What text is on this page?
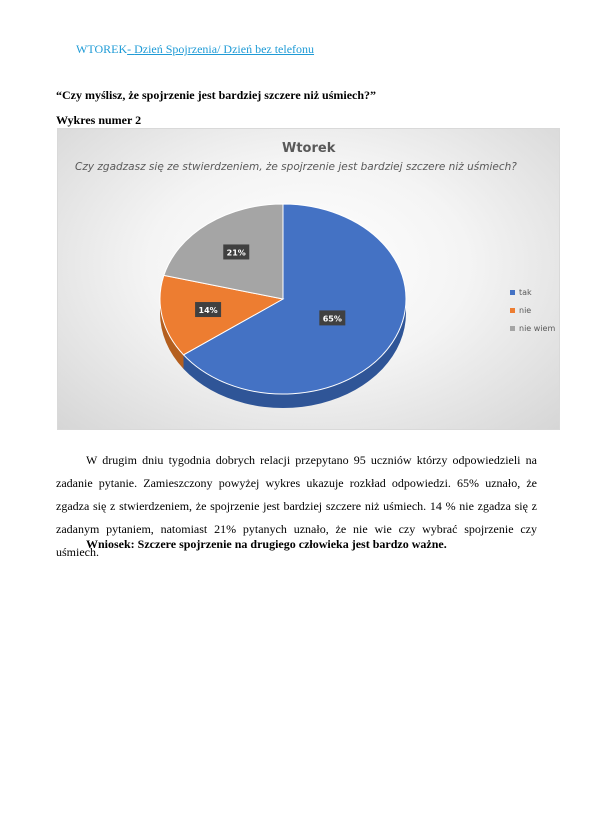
WTOREK- Dzień Spojrzenia/ Dzień bez telefonu
“Czy myślisz, że spojrzenie jest bardziej szczere niż uśmiech?”
Wykres numer 2
Wtorek
Czy zgadzasz się ze stwierdzeniem, że spojrzenie jest bardziej szczere niż uśmiech?
65%
14%
21%
tak
nie
nie wiem
W drugim dniu tygodnia dobrych relacji przepytano 95 uczniów którzy odpowiedzieli na zadanie pytanie. Zamieszczony powyżej wykres ukazuje rozkład odpowiedzi. 65% uznało, że zgadza się z stwierdzeniem, że spojrzenie jest bardziej szczere niż uśmiech. 14 % nie zgadza się z zadanym pytaniem, natomiast 21% pytanych uznało, że nie wie czy wybrać spojrzenie czy uśmiech.
Wniosek: Szczere spojrzenie na drugiego człowieka jest bardzo ważne.
